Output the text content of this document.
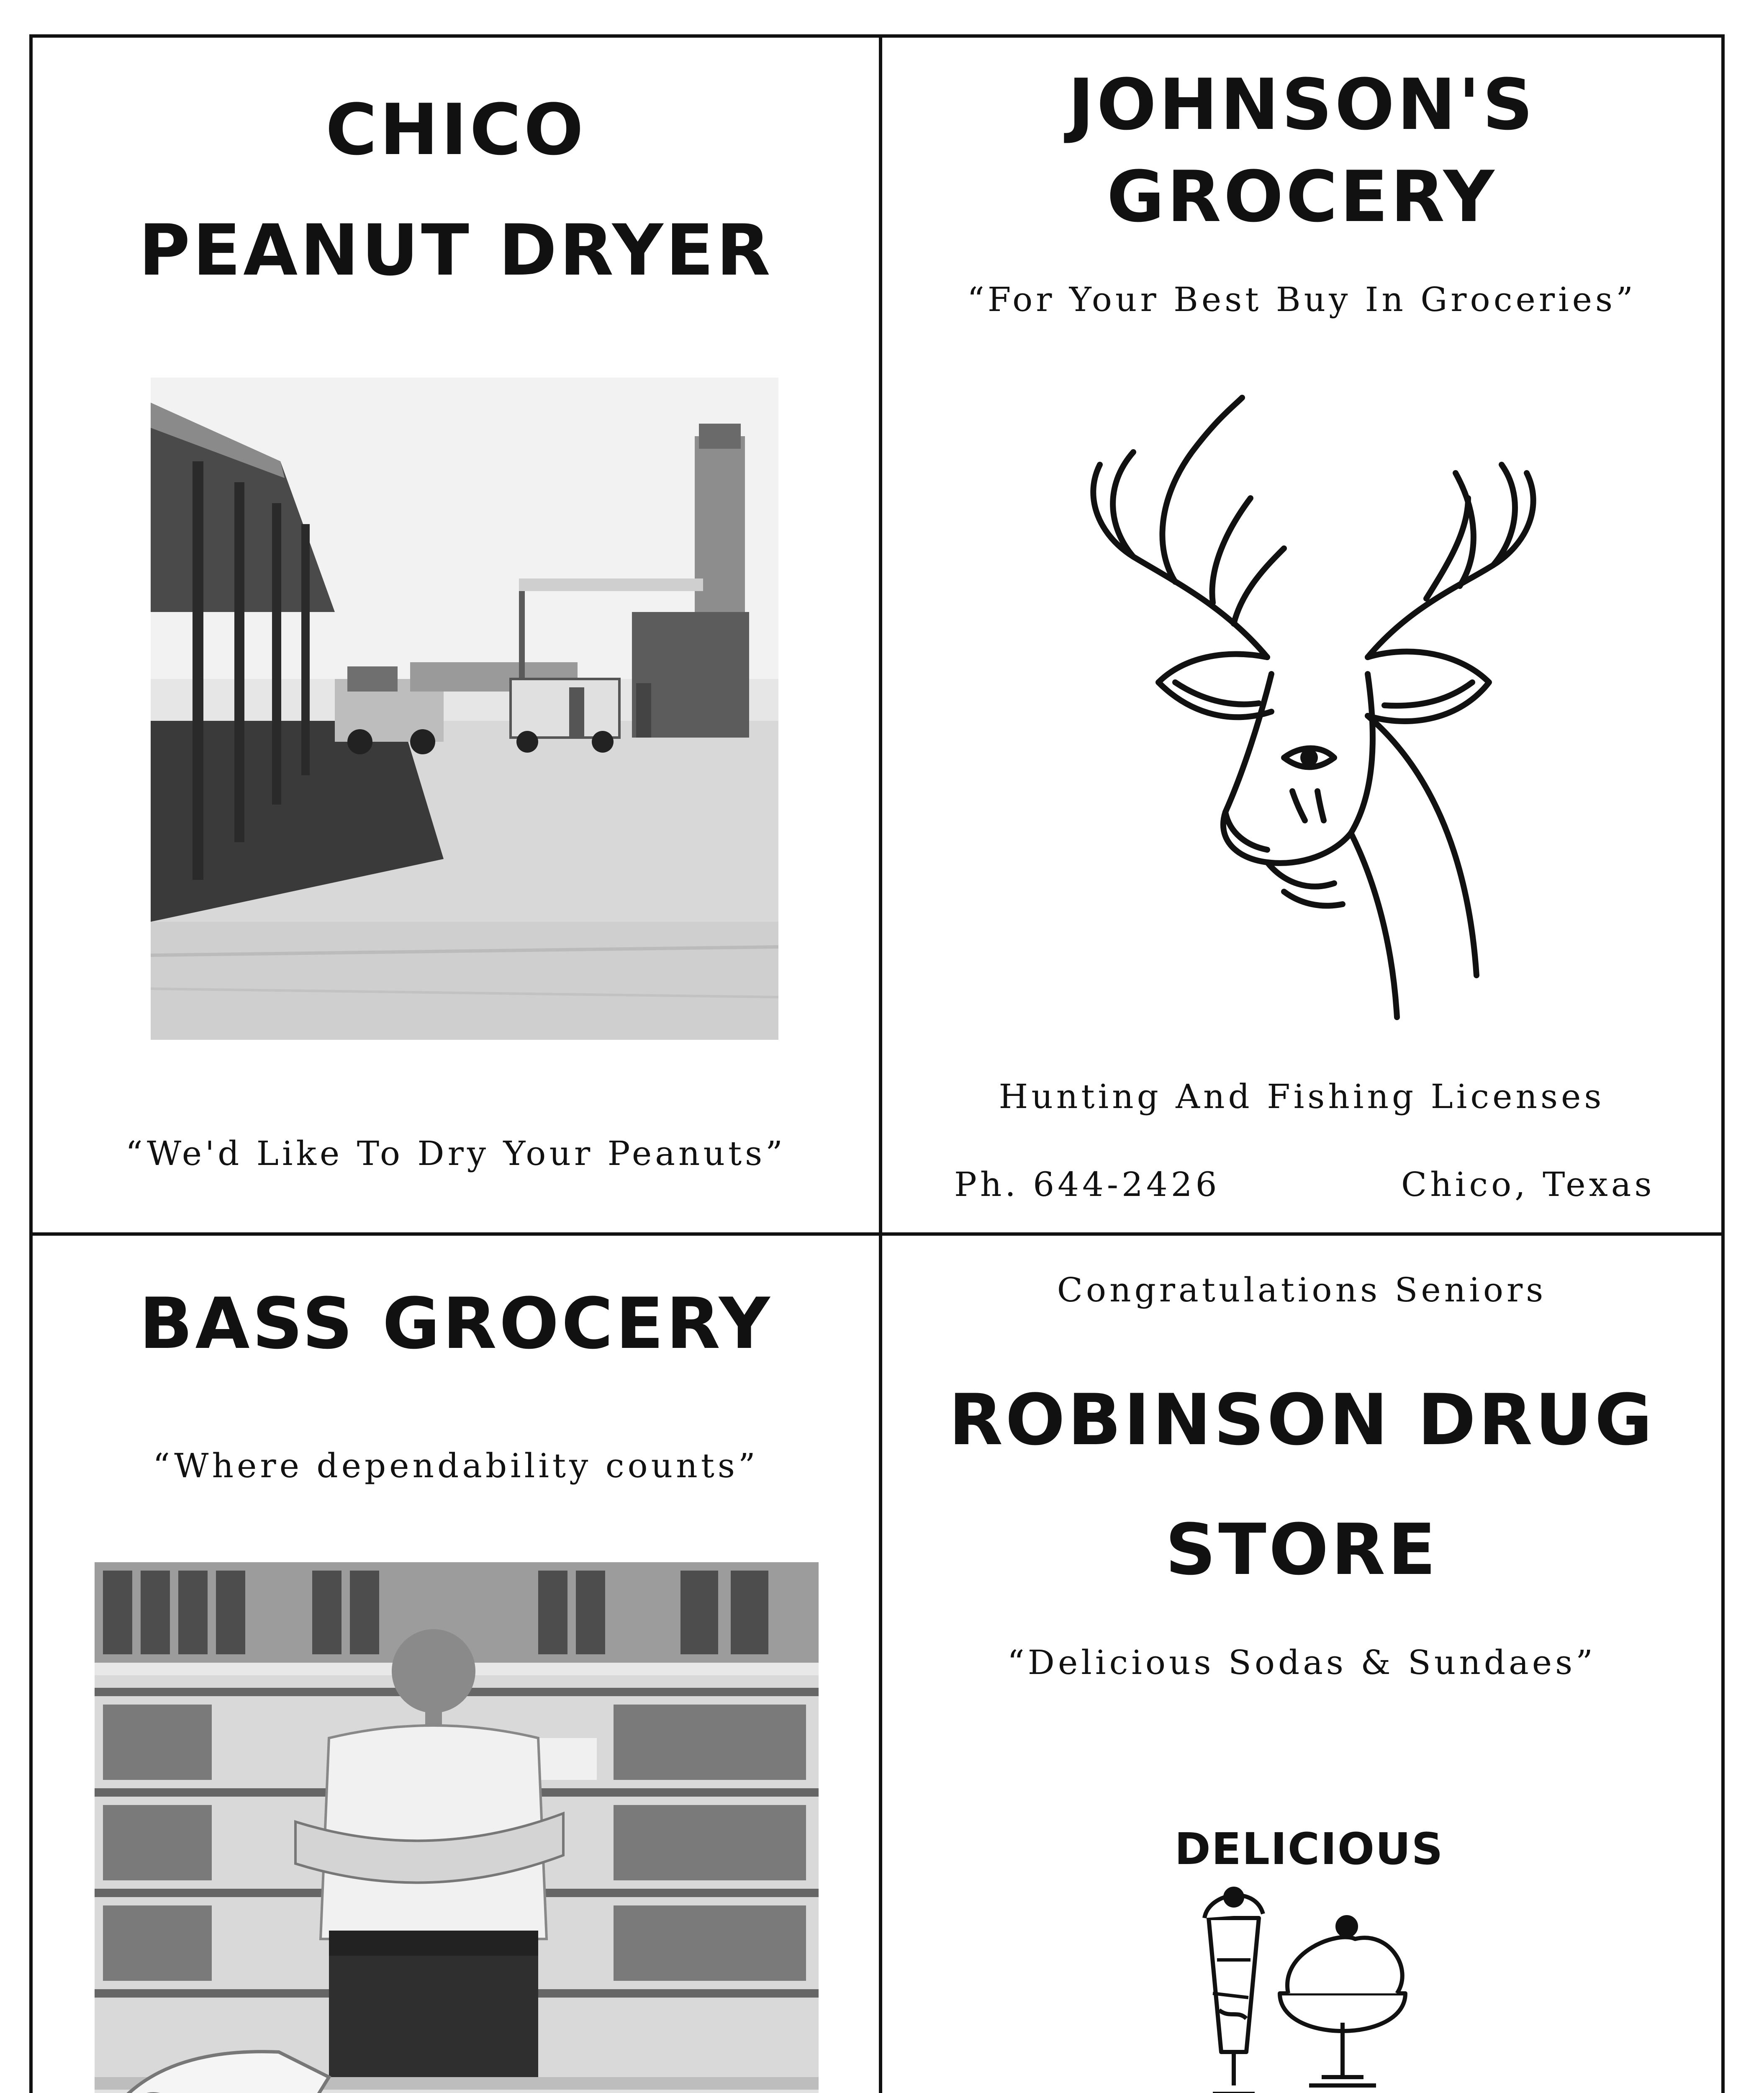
CHICO
PEANUT DRYER
“We'd Like To Dry Your Peanuts”
JOHNSON'S
GROCERY
“For Your Best Buy In Groceries”
Hunting And Fishing Licenses
Ph. 644-2426	Chico, Texas
BASS GROCERY
“Where dependability counts”
Congratulations Seniors
ROBINSON DRUG
STORE
“Delicious Sodas & Sundaes”
DELICIOUS
